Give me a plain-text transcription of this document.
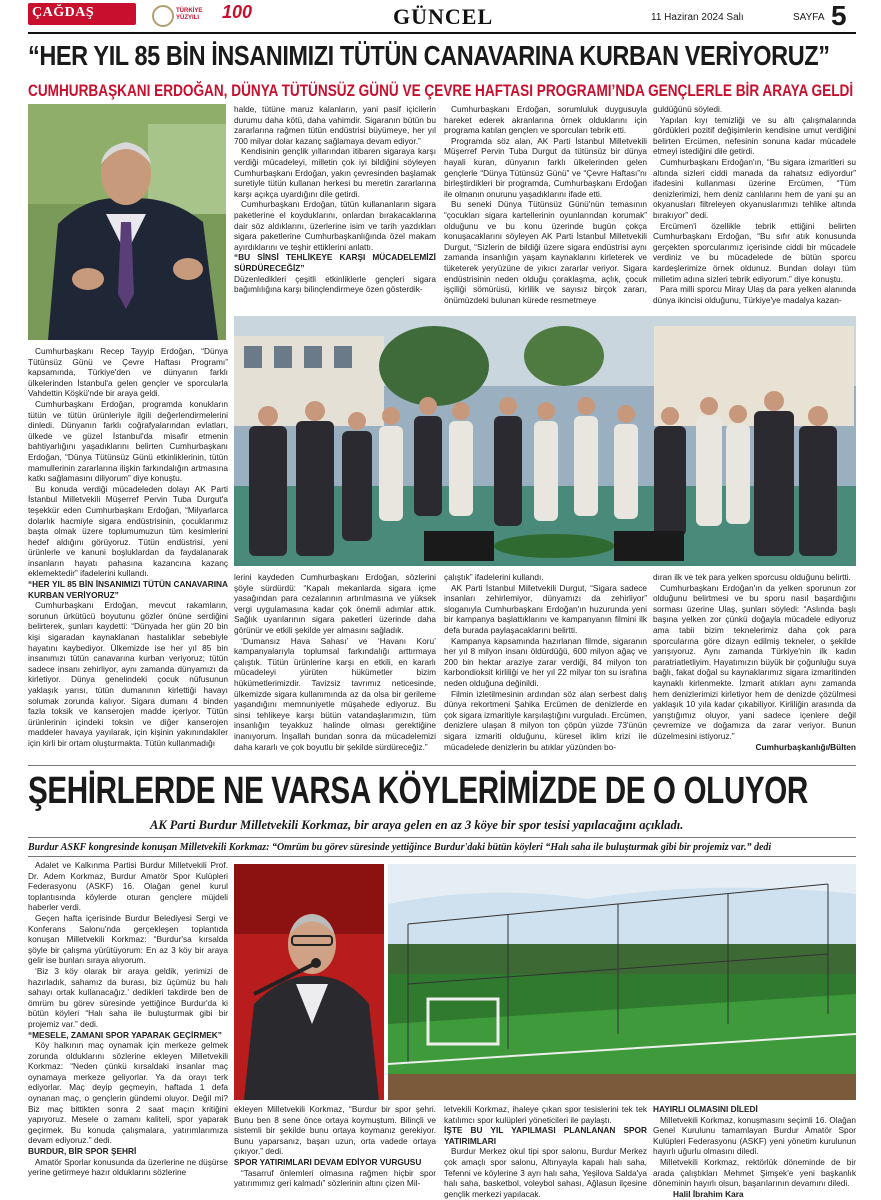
ÇAĞDAŞ	TÜRKİYE YÜZYILI	100	GÜNCEL	11 Haziran 2024 Salı	SAYFA 5
“HER YIL 85 BİN İNSANIMIZI TÜTÜN CANAVARINA KURBAN VERİYORUZ”
CUMHURBAŞKANI ERDOĞAN, DÜNYA TÜTÜNSÜZ GÜNÜ VE ÇEVRE HAFTASI PROGRAMI’NDA GENÇLERLE BİR ARAYA GELDİ

Cumhurbaşkanı Recep Tayyip Erdoğan, “Dünya Tütünsüz Günü ve Çevre Haftası Programı” kapsamında, Türkiye'den ve dünyanın farklı ülkelerinden İstanbul'a gelen gençler ve sporcularla Vahdettin Köşkü'nde bir araya geldi.

Cumhurbaşkanı Erdoğan, programda konukların tütün ve tütün ürünleriyle ilgili değerlendirmelerini dinledi. Dünyanın farklı coğrafyalarından evlatları, ülkede ve güzel İstanbul'da misafir etmenin bahtiyarlığını yaşadıklarını belirten Cumhurbaşkanı Erdoğan, “Dünya Tütünsüz Günü etkinliklerinin, tütün mamullerinin zararlarına ilişkin farkındalığın artmasına katkı sağlamasını diliyorum” diye konuştu.

Bu konuda verdiği mücadeleden dolayı AK Parti İstanbul Milletvekili Müşerref Pervin Tuba Durgut'a teşekkür eden Cumhurbaşkanı Erdoğan, “Milyarlarca dolarlık hacmiyle sigara endüstrisinin, çocuklarımız başta olmak üzere toplumumuzun tüm kesimlerini hedef aldığını görüyoruz. Tütün endüstrisi, yeni ürünlerle ve kanuni boşluklardan da faydalanarak insanların hayatı pahasına kazancına kazanç eklemektedir” ifadelerini kullandı.

“HER YIL 85 BİN İNSANIMIZI TÜTÜN CANAVARINA KURBAN VERİYORUZ”

Cumhurbaşkanı Erdoğan, mevcut rakamların, sorunun ürkütücü boyutunu gözler önüne serdiğini belirterek, şunları kaydetti: “Dünyada her gün 20 bin kişi sigaradan kaynaklanan hastalıklar sebebiyle hayatını kaybediyor. Ülkemizde ise her yıl 85 bin insanımızı tütün canavarına kurban veriyoruz; tütün sadece insanı zehirliyor, aynı zamanda dünyamızı da kirletiyor. Dünya genelindeki çocuk nüfusunun yaklaşık yarısı, tütün dumanının kirlettiği havayı solumak zorunda kalıyor. Sigara dumanı 4 binden fazla toksik ve kanserojen madde içeriyor. Tütün ürünlerinin içindeki toksin ve diğer kanserojen maddeler havaya yayılarak, için kişinin yakınındakiler için kirli bir ortam oluşturmakta. Tütün kullanmadığı

halde, tütüne maruz kalanların, yani pasif içicilerin durumu daha kötü, daha vahimdir. Sigaranın bütün bu zararlarına rağmen tütün endüstrisi büyümeye, her yıl 700 milyar dolar kazanç sağlamaya devam ediyor.”

Kendisinin gençlik yıllarından itibaren sigaraya karşı verdiği mücadeleyi, milletin çok iyi bildiğini söyleyen Cumhurbaşkanı Erdoğan, yakın çevresinden başlamak suretiyle tütün kullanan herkesi bu meretin zararlarına karşı açıkça uyardığını dile getirdi.

Cumhurbaşkanı Erdoğan, tütün kullananların sigara paketlerine el koyduklarını, onlardan bırakacaklarına dair söz aldıklarını, üzerlerine isim ve tarih yazdıkları sigara paketlerine Cumhurbaşkanlığında özel makam ayırdıklarını ve teşhir ettiklerini anlattı.

“BU SİNSİ TEHLİKEYE KARŞI MÜCADELEMİZİ SÜRDÜRECEĞİZ”

Düzenledikleri çeşitli etkinliklerle gençleri sigara bağımlılığına karşı bilinçlendirmeye özen gösterdik-

Cumhurbaşkanı Erdoğan, sorumluluk duygusuyla hareket ederek akranlarına örnek olduklarını için programa katılan gençlerı ve sporcuları tebrik etti.

Programda söz alan, AK Parti İstanbul Milletvekili Müşerref Pervin Tuba Durgut da tütünsüz bir dünya hayali kuran, dünyanın farklı ülkelerinden gelen gençlerle “Dünya Tütünsüz Günü” ve “Çevre Haftası”nı birleştirdikleri bir programda, Cumhurbaşkanı Erdoğan ile olmanın onurunu yaşadıklarını ifade etti.

Bu seneki Dünya Tütünsüz Günü'nün temasının “çocukları sigara kartellerinin oyunlarından korumak” olduğunu ve bu konu üzerinde bugün çokça konuşacaklarını söyleyen AK Parti İstanbul Milletvekili Durgut, “Sizlerin de bildiği üzere sigara endüstrisi aynı zamanda insanlığın yaşam kaynaklarını kirleterek ve tüketerek yeryüzüne de yıkıcı zararlar veriyor. Sigara endüstrisinin neden olduğu çoraklaşma, açlık, çocuk işçiliği sömürüsü, kirlilik ve sayısız birçok zararı, önümüzdeki bulunan kürede resmetmeye

guldüğünü söyledi.

Yapılan kıyı temizliği ve su altı çalışmalarında gördükleri pozitif değişimlerin kendisine umut verdiğini belirten Ercümen, nefesinin sonuna kadar mücadele etmeyi istediğini dile getirdi.

Cumhurbaşkanı Erdoğan'ın, “Bu sigara izmaritleri su altında sizleri ciddi manada da rahatsız ediyordur” ifadesini kullanması üzerine Ercümen, “Tüm denizlerimizi, hem deniz canlılarını hem de yani şu an okyanusları filtreleyen okyanuslarımızı tehlike altında bırakıyor” dedi.

Ercümen'i özellikle tebrik ettiğini belirten Cumhurbaşkanı Erdoğan, “Bu sıfır atık konusunda gerçekten sporcularımız içerisinde ciddi bir mücadele verdiniz ve bu mücadelede de bütün sporcu kardeşlerimize örnek oldunuz. Bundan dolayı tüm milletim adına sizleri tebrik ediyorum.” diye konuştu.

Para milli sporcu Miray Ulaş da para yelken alanında dünya ikincisi olduğunu, Türkiye'ye madalya kazan-

lerini kaydeden Cumhurbaşkanı Erdoğan, sözlerini şöyle sürdürdü: “Kapalı mekanlarda sigara içme yasağından para cezalarının artırılmasına ve yüksek vergi uygulamasına kadar çok önemli adımlar attık. Sağlık uyarılarının sigara paketleri üzerinde daha görünür ve etkili şekilde yer almasını sağladık.

‘Dumansız Hava Sahası’ ve ‘Havanı Koru’ kampanyalarıyla toplumsal farkındalığı arttırmaya çalıştık. Tütün ürünlerine karşı en etkili, en kararlı mücadeleyi yürüten hükümetler bizim hükümetlerimizdir. Tavizsiz tavrımız neticesinde, ülkemizde sigara kullanımında az da olsa bir gerileme yaşandığını memnuniyetle müşahede ediyoruz. Bu sinsi tehlikeye karşı bütün vatandaşlarımızın, tüm insanlığın teyakkuz halinde olması gerektiğine inanıyorum. İnşallah bundan sonra da mücadelemizi daha kararlı ve çok boyutlu bir şekilde sürdüreceğiz.”

çalıştık” ifadelerini kullandı.

AK Parti İstanbul Milletvekili Durgut, “Sigara sadece insanları zehirlemiyor, dünyamızı da zehirliyor” sloganıyla Cumhurbaşkanı Erdoğan'ın huzurunda yeni bir kampanya başlattıklarını ve kampanyanın filmini ilk defa burada paylaşacaklarını belirtti.

Kampanya kapsamında hazırlanan filmde, sigaranın her yıl 8 milyon insanı öldürdüğü, 600 milyon ağaç ve 200 bin hektar araziye zarar verdiği, 84 milyon ton karbondioksit kirliliği ve her yıl 22 milyar ton su israfına neden olduğuna değinildi.

Filmin izletilmesinin ardından söz alan serbest dalış dünya rekortmeni Şahika Ercümen de denizlerde en çok sigara izmaritiyle karşılaştığını vurguladı. Ercümen, denizlere ulaşan 8 milyon ton çöpün yüzde 73'ünün sigara izmariti olduğunu, küresel iklim krizi ile mücadelede denizlerin bu atıklar yüzünden bo-

dıran ilk ve tek para yelken sporcusu olduğunu belirtti.

Cumhurbaşkanı Erdoğan'ın da yelken sporunun zor olduğunu belirtmesi ve bu sporu nasıl başardığını sorması üzerine Ulaş, şunları söyledi: “Aslında başlı başına yelken zor çünkü doğayla mücadele ediyoruz ama tabii bizim teknelerimiz daha çok para sporcularına göre dizayn edilmiş tekneler, o şekilde yarışıyoruz. Aynı zamanda Türkiye'nin ilk kadın paratriatletliyim. Hayatımızın büyük bir çoğunluğu suya bağlı, fakat doğal su kaynaklarımız sigara izmaritinden kaynaklı kirlenmekte. İzmarit atıkları aynı zamanda hem denizlerimizi kirletiyor hem de denizde çözülmesi yaklaşık 10 yıla kadar çıkabiliyor. Kirliliğin arasında da yarıştığımız oluyor, yani sadece içenlere değil çevremize ve doğamıza da zarar veriyor. Bunun düzelmesini istiyoruz.”

Cumhurbaşkanlığı/Bülten

ŞEHİRLERDE NE VARSA KÖYLERİMİZDE DE O OLUYOR
AK Parti Burdur Milletvekili Korkmaz, bir araya gelen en az 3 köye bir spor tesisi yapılacağını açıkladı.
Burdur ASKF kongresinde konuşan Milletvekili Korkmaz: “Ömrüm bu görev süresinde yettiğince Burdur'daki bütün köyleri “Halı saha ile buluşturmak gibi bir projemiz var.” dedi

Adalet ve Kalkınma Partisi Burdur Milletvekili Prof. Dr. Adem Korkmaz, Burdur Amatör Spor Kulüpleri Federasyonu (ASKF) 16. Olağan genel kurul toplantısında köylerde oturan gençlere müjdeli haberler verdi.

Geçen hafta içerisinde Burdur Belediyesi Sergi ve Konferans Salonu'nda gerçekleşen toplantıda konuşan Milletvekili Korkmaz: “Burdur'sa kırsalda şöyle bir çalışma yürütüyorum: En az 3 köy bir araya gelir ise bunları sıraya alıyorum.

‘Biz 3 köy olarak bir araya geldik, yerimizi de hazırladık, sahamız da burası, biz üçümüz bu halı sahayı ortak kullanacağız.’ dedikleri takdirde ben de ömrüm bu görev süresinde yettiğince Burdur'da ki bütün köyleri “Halı saha ile buluşturmak gibi bir projemiz var.” dedi.

“MESELE, ZAMANI SPOR YAPARAK GEÇİRMEK”

Köy halkının maç oynamak için merkeze gelmek zorunda olduklarını sözlerine ekleyen Milletvekili Korkmaz: “Neden çünkü kırsaldaki insanlar maç oynamaya merkeze geliyorlar. Ya da orayı terk ediyorlar. Maç deyip geçmeyin, haftada 1 defa oynanan maç, o gençlerin gündemi oluyor. Değil mi? Biz maç bittikten sonra 2 saat maçın kritiğini yapıyoruz. Mesele o zamanı kaliteli, spor yaparak geçirmek. Bu konuda çalışmalara, yatırımlarımıza devam ediyoruz.” dedi.

BURDUR, BİR SPOR ŞEHRİ

Amatör Sporlar konusunda da üzerlerine ne düşürse yerine getirmeye hazır olduklarını sözlerine

ekleyen Milletvekili Korkmaz, “Burdur bir spor şehri. Bunu ben 8 sene önce ortaya koymuştum. Bilinçli ve sistemli bir şekilde bunu ortaya koymanız gerekiyor. Bunu yaparsanız, başarı uzun, orta vadede ortaya çıkıyor.” dedi.

SPOR YATIRIMLARI DEVAM EDİYOR VURGUSU

“Tasarruf önlemleri olmasına rağmen hiçbir spor yatırımımız geri kalmadı” sözlerinin altını çizen Mil-

letvekili Korkmaz, ihaleye çıkan spor tesislerini tek tek katılımcı spor kulüpleri yöneticileri ile paylaştı.

İŞTE BU YIL YAPILMASI PLANLANAN SPOR YATIRIMLARI

Burdur Merkez okul tipi spor salonu, Burdur Merkez çok amaçlı spor salonu, Altınyayla kapalı halı saha, Tefenni ve köylerine 3 ayrı halı saha, Yeşilova Salda'ya halı saha, basketbol, voleybol sahası, Ağlasun ilçesine gençlik merkezi yapılacak.

HAYIRLI OLMASINI DİLEDİ

Milletvekili Korkmaz, konuşmasını seçimli 16. Olağan Genel Kurulunu tamamlayan Burdur Amatör Spor Kulüpleri Federasyonu (ASKF) yeni yönetim kurulunun hayırlı uğurlu olmasını diledi.

Milletvekili Korkmaz, rektörlük döneminde de bir arada çalıştıkları Mehmet Şimşek'e yeni başkanlık döneminin hayırlı olsun, başarılarının devamını diledi.

Halil İbrahim Kara
